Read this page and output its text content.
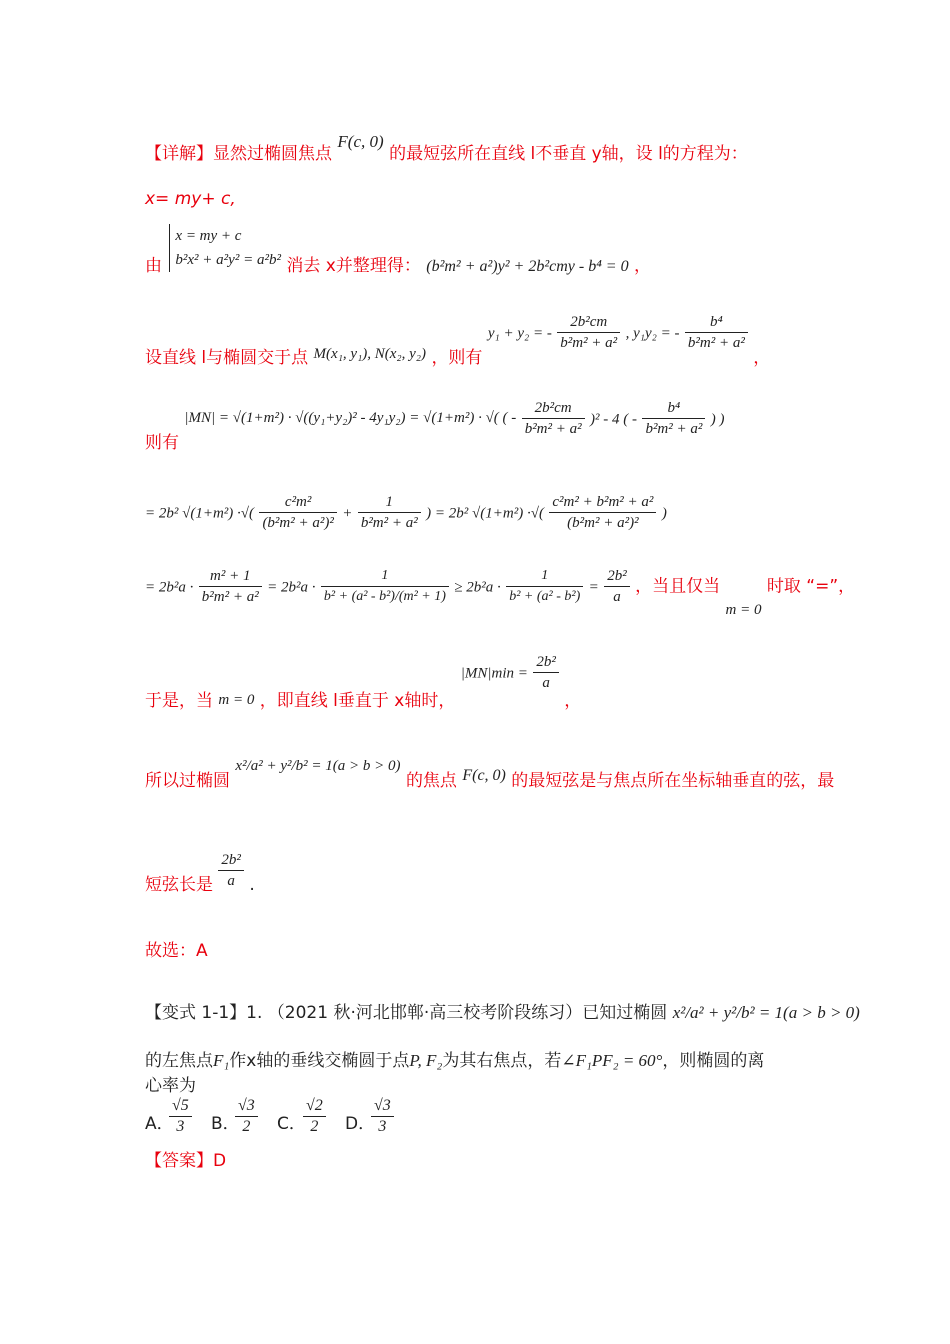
【详解】显然过椭圆焦点 F(c, 0) 的最短弦所在直线 l不垂直 y轴，设 l的方程为：
x= my+ c,
由
x = my + c
b²x² + a²y² = a²b² 消去 x并整理得： (b²m² + a²)y² + 2b²cmy - b⁴ = 0 ，
设直线 l与椭圆交于点 M(x₁, y₁), N(x₂, y₂) ，则有 y₁ + y₂ = - $\frac{\text{2b²cm}}{\text{b²m² + a²}}$ , y₁y₂ = - $\frac{\text{b⁴}}{\text{b²m² + a²}}$
，
则有 |MN| = √(1+m²) · √((y₁+y₂)² - 4y₁y₂) = √(1+m²) · √( ( - $\frac{\text{2b²cm}}{\text{b²m² + a²}} )^2 - 4$ ( - $\frac{\text{b⁴}}{\text{b²m² + a²}}$ ) )
= 2b² √(1+m²) ·√( $\frac{\text{c²m²}}{\text{(b²m² + a²)²}} + \frac{1}{\text{b²m² + a²}}$ ) = 2b² √(1+m²) ·√( $\frac{\text{c²m² + b²m² + a²}}{\text{(b²m² + a²)²}}$ )
= $2b^2a \cdot \frac{\text{m² + 1}}{\text{b²m² + a²}} = 2b^2a \cdot \frac{1}{\text{b² + (a² - b²)/(m² + 1)}} \ge 2b^2a \cdot \frac{1}{\text{b² + (a² - b²)}} = \frac{\text{2b²}}{a}$ ，当且仅当 m = 0 时取 “=”，
于是，当 m = 0 ，即直线 l垂直于 x轴时， $|MN|\min = \frac{\text{2b²}}{a}$
，
所以过椭圆 x²/a² + y²/b² = 1(a > b > 0) 的焦点 F(c, 0) 的最短弦是与焦点所在坐标轴垂直的弦，最
短弦长是 $\frac{\text{2b²}}{a}$ .
故选：A
【变式 1-1】1. （2021 秋·河北邯郸·高三校考阶段练习）已知过椭圆 x²/a² + y²/b² = 1(a > b > 0)
的左焦点F₁作x轴的垂线交椭圆于点P, F₂为其右焦点，若∠F₁PF₂ = 60°，则椭圆的离
心率为
A．
$\frac{√5}{3}$ B．
$\frac{√3}{2}$ C．
$\frac{√2}{2}$ D．
$\frac{√3}{3}$
【答案】D
